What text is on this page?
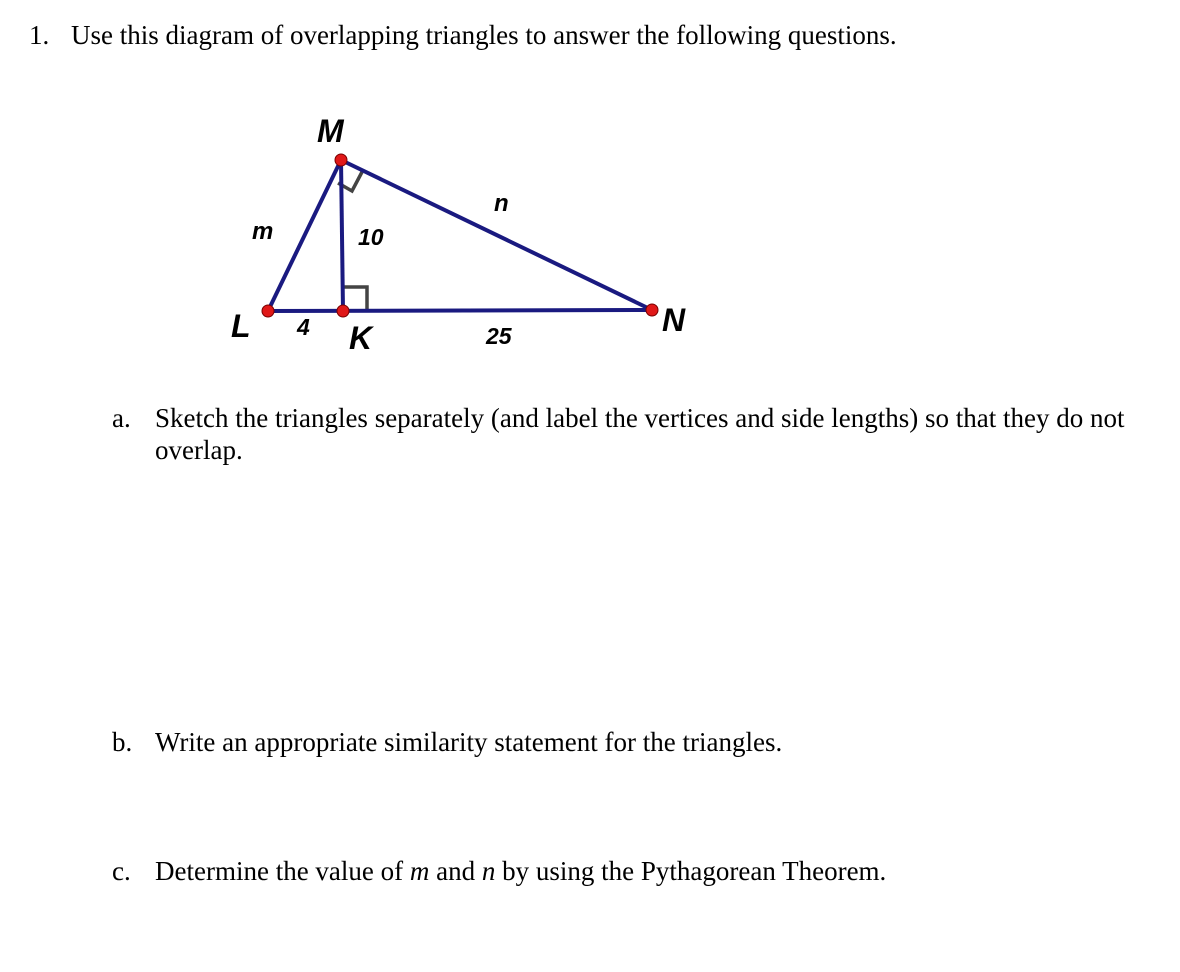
1. Use this diagram of overlapping triangles to answer the following questions.
M
L	K	N
m	10
n
4	25
a. Sketch the triangles separately (and label the vertices and side lengths) so that they do not overlap.
b. Write an appropriate similarity statement for the triangles.
c. Determine the value of m and n by using the Pythagorean Theorem.
